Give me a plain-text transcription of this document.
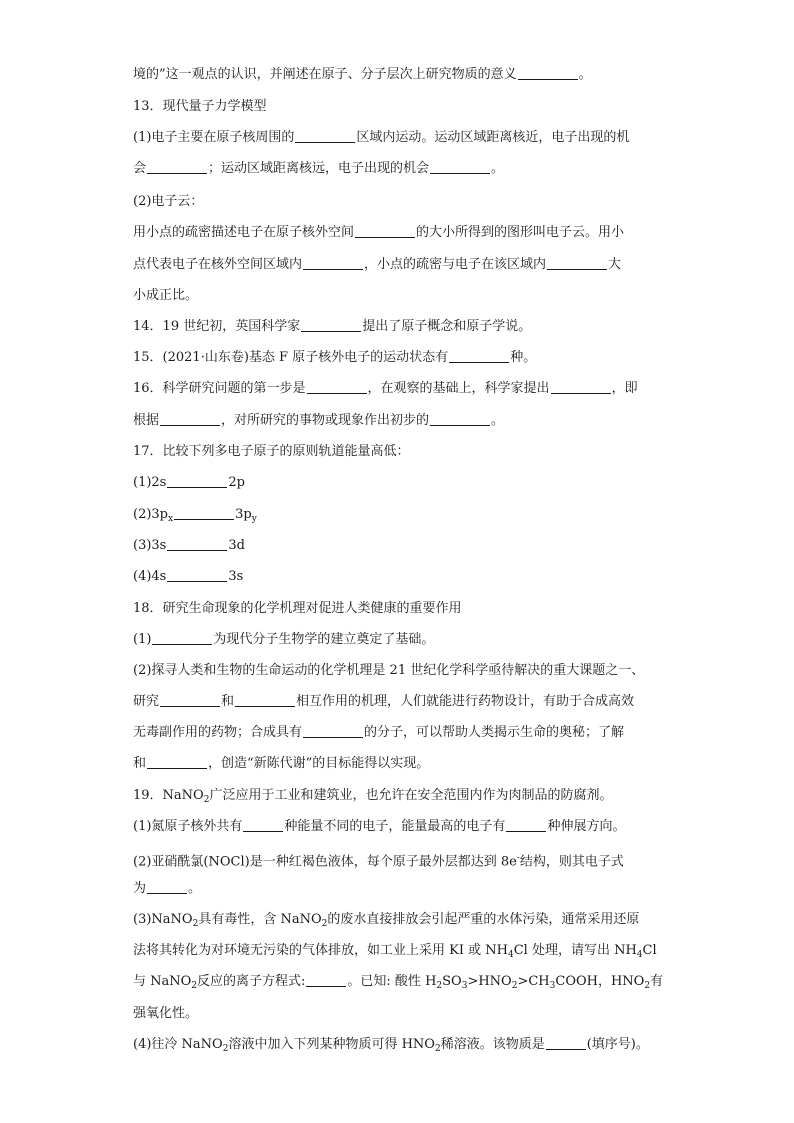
境的”这一观点的认识，并阐述在原子、分子层次上研究物质的意义	。
13．现代量子力学模型
(1)电子主要在原子核周围的	区域内运动。运动区域距离核近，电子出现的机
会	；运动区域距离核远，电子出现的机会	。
(2)电子云：
用小点的疏密描述电子在原子核外空间	的大小所得到的图形叫电子云。用小
点代表电子在核外空间区域内	，小点的疏密与电子在该区域内	大
小成正比。
14．19 世纪初，英国科学家	提出了原子概念和原子学说。
15．(2021·山东卷)基态 F 原子核外电子的运动状态有	种。
16．科学研究问题的第一步是	，在观察的基础上，科学家提出	，即
根据	，对所研究的事物或现象作出初步的	。
17．比较下列多电子原子的原则轨道能量高低：
(1)2s	2p
$(2)3p_x$	$3p_y$
(3)3s	3d
(4)4s	3s
18．研究生命现象的化学机理对促进人类健康的重要作用
(1)	为现代分子生物学的建立奠定了基础。
(2)探寻人类和生物的生命运动的化学机理是 21 世纪化学科学亟待解决的重大课题之一、
研究	和	相互作用的机理，人们就能进行药物设计，有助于合成高效
无毒副作用的药物；合成具有	的分子，可以帮助人类揭示生命的奥秘；了解
和	，创造“新陈代谢”的目标能得以实现。
19．NaNO$_2$广泛应用于工业和建筑业，也允许在安全范围内作为肉制品的防腐剂。
(1)氮原子核外共有	种能量不同的电子，能量最高的电子有	种伸展方向。
(2)亚硝酰氯(NOCl)是一种红褐色液体，每个原子最外层都达到 8e-结构，则其电子式
为	。
(3)NaNO$_2$具有毒性，含 NaNO$_2$的废水直接排放会引起严重的水体污染，通常采用还原
法将其转化为对环境无污染的气体排放，如工业上采用 KI 或 $NH_4Cl$ 处理，请写出 $NH_4Cl$
与 NaNO$_2$反应的离子方程式:	。已知: 酸性 $H_2SO_3>HNO_2>CH_3COOH$，$HNO_2$有
强氧化性。
(4)往冷 NaNO$_2$溶液中加入下列某种物质可得 $HNO_2$稀溶液。该物质是	(填序号)。
